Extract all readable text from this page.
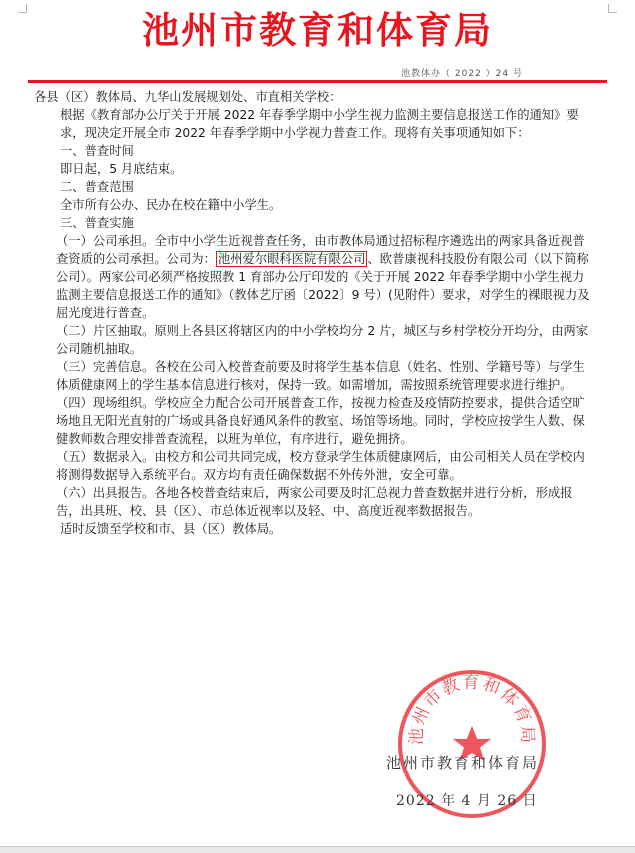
池州市教育和体育局
池教体办（ 2022 ）24 号

各县（区）教体局、九华山发展规划处、市直相关学校：

根据《教育部办公厅关于开展 2022 年春季学期中小学生视力监测主要信息报送工作的通知》要求，现决定开展全市 2022 年春季学期中小学视力普查工作。现将有关事项通知如下：

一、普查时间

即日起，5 月底结束。

二、普查范围

全市所有公办、民办在校在籍中小学生。

三、普查实施

（一）公司承担。全市中小学生近视普查任务，由市教体局通过招标程序遴选出的两家具备近视普查资质的公司承担。公司为： 池州爱尔眼科医院有限公司 、欧普康视科技股份有限公司（以下简称公司）。两家公司必须严格按照教 1 育部办公厅印发的《关于开展 2022 年春季学期中小学生视力监测主要信息报送工作的通知》（教体艺厅函〔2022〕9 号）(见附件）要求，对学生的裸眼视力及屈光度进行普查。

（二）片区抽取。原则上各县区将辖区内的中小学校均分 2 片，城区与乡村学校分开均分，由两家公司随机抽取。

（三）完善信息。各校在公司入校普查前要及时将学生基本信息（姓名、性别、学籍号等）与学生体质健康网上的学生基本信息进行核对，保持一致。如需增加，需按照系统管理要求进行维护。

（四）现场组织。学校应全力配合公司开展普查工作，按视力检查及疫情防控要求，提供合适空旷场地且无阳光直射的广场或具备良好通风条件的教室、场馆等场地。同时，学校应按学生人数、保健教师数合理安排普查流程，以班为单位，有序进行，避免拥挤。

（五）数据录入。由校方和公司共同完成，校方登录学生体质健康网后，由公司相关人员在学校内将测得数据导入系统平台。双方均有责任确保数据不外传外泄，安全可靠。

（六）出具报告。各地各校普查结束后，两家公司要及时汇总视力普查数据并进行分析，形成报告，出具班、校、县（区）、市总体近视率以及轻、中、高度近视率数据报告。

适时反馈至学校和市、县（区）教体局。

池州市教育和体育局
池州市教育和体育局
2022 年 4 月 26 日
